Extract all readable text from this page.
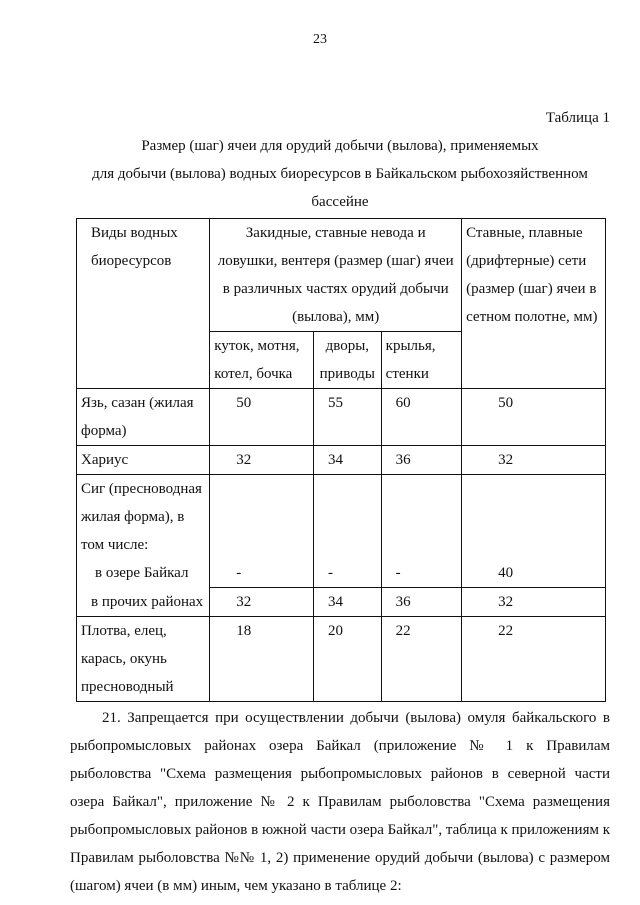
23
Таблица 1
Размер (шаг) ячеи для орудий добычи (вылова), применяемых
для добычи (вылова) водных биоресурсов в Байкальском рыбохозяйственном
бассейне
Виды водных биоресурсов	Закидные, ставные невода и ловушки, вентеря (размер (шаг) ячеи в различных частях орудий добычи (вылова), мм)			Ставные, плавные (дрифтерные) сети (размер (шаг) ячеи в сетном полотне, мм)
	куток, мотня, котел, бочка	дворы, приводы	крылья, стенки	
Язь, сазан (жилая форма)	50	55	60	50
Хариус	32	34	36	32

Сиг (пресноводная жилая форма), в том числе:
в озере Байкал	-	-	-	40

в прочих районах	32	34	36	32
Плотва, елец, карась, окунь пресноводный	18	20	22	22
21. Запрещается при осуществлении добычи (вылова) омуля байкальского в рыбопромысловых районах озера Байкал (приложение № 1 к Правилам рыболовства "Схема размещения рыбопромысловых районов в северной части озера Байкал", приложение № 2 к Правилам рыболовства "Схема размещения рыбопромысловых районов в южной части озера Байкал", таблица к приложениям к Правилам рыболовства №№ 1, 2) применение орудий добычи (вылова) с размером (шагом) ячеи (в мм) иным, чем указано в таблице 2:
